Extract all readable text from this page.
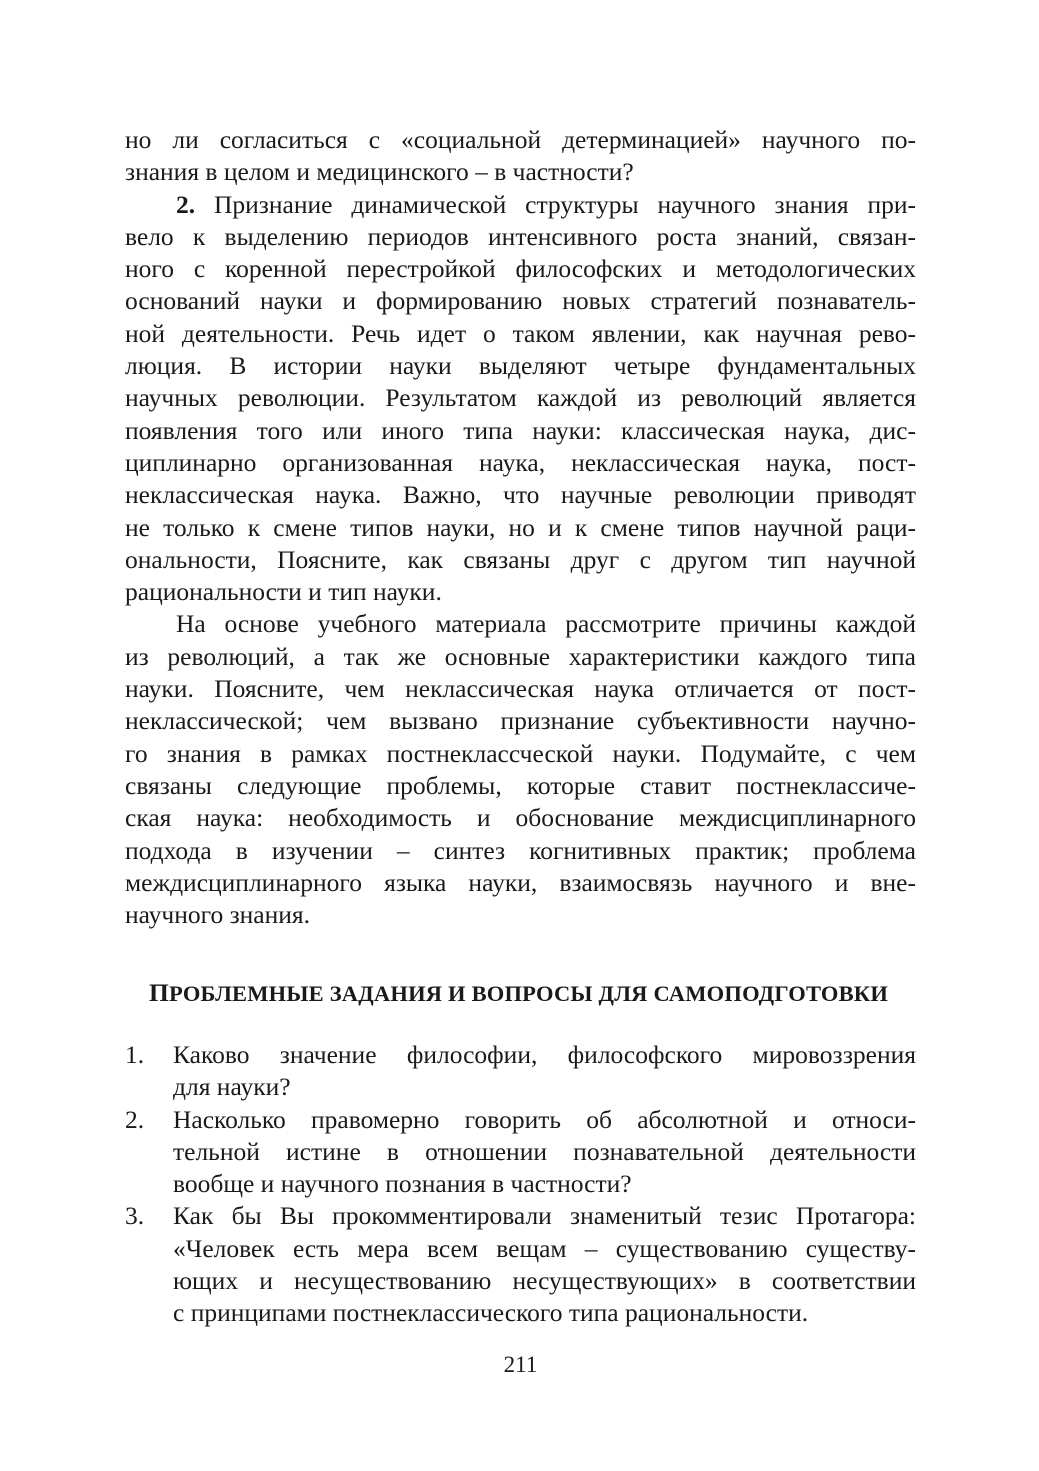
но ли согласиться с «социальной детерминацией» научного по-
знания в целом и медицинского – в частности?

2. Признание динамической структуры научного знания при-
вело к выделению периодов интенсивного роста знаний, связан-
ного с коренной перестройкой философских и методологических
оснований науки и формированию новых стратегий познаватель-
ной деятельности. Речь идет о таком явлении, как научная рево-
люция. В истории науки выделяют четыре фундаментальных
научных революции. Результатом каждой из революций является
появления того или иного типа науки: классическая наука, дис-
циплинарно организованная наука, неклассическая наука, пост-
неклассическая наука. Важно, что научные революции приводят
не только к смене типов науки, но и к смене типов научной раци-
ональности, Поясните, как связаны друг с другом тип научной
рациональности и тип науки.

На основе учебного материала рассмотрите причины каждой
из революций, а так же основные характеристики каждого типа
науки. Поясните, чем неклассическая наука отличается от пост-
неклассической; чем вызвано признание субъективности научно-
го знания в рамках постнеклассческой науки. Подумайте, с чем
связаны следующие проблемы, которые ставит постнеклассиче-
ская наука: необходимость и обоснование междисциплинарного
подхода в изучении – синтез когнитивных практик; проблема
междисциплинарного языка науки, взаимосвязь научного и вне-
научного знания.

ПРОБЛЕМНЫЕ ЗАДАНИЯ И ВОПРОСЫ ДЛЯ САМОПОДГОТОВКИ
1. Каково значение философии, философского мировоззрения
для науки?
2. Насколько правомерно говорить об абсолютной и относи-
тельной истине в отношении познавательной деятельности
вообще и научного познания в частности?
3. Как бы Вы прокомментировали знаменитый тезис Протагора:
«Человек есть мера всем вещам – существованию существу-
ющих и несуществованию несуществующих» в соответствии
с принципами постнеклассического типа рациональности.
211
